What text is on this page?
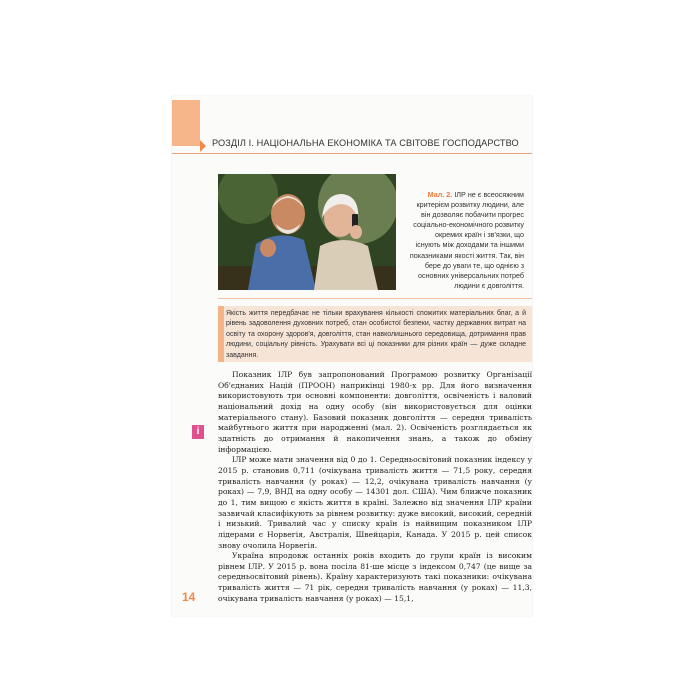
РОЗДІЛ І. НАЦІОНАЛЬНА ЕКОНОМІКА ТА СВІТОВЕ ГОСПОДАРСТВО
Мал. 2. ІЛР не є всеосяжним критерієм розвитку людини, але він дозволяє побачити прогрес соціально-економічного розвитку окремих країн і зв'язки, що існують між доходами та іншими показниками якості життя. Так, він бере до уваги те, що однією з основних універсальних потреб людини є довголіття.
Якість життя передбачає не тільки врахування кількості спожитих матеріальних благ, а й рівень задоволення духовних потреб, стан особистої безпеки, частку державних витрат на освіту та охорону здоров'я, довголіття, стан навколишнього середовища, дотримання прав людини, соціальну рівність. Урахувати всі ці показники для різних країн — дуже складне завдання.
i

Показник ІЛР був запропонований Програмою розвитку Організації Об'єднаних Націй (ПРООН) наприкінці 1980-х рр. Для його визначення використовують три основні компоненти: довголіття, освіченість і валовий національний дохід на одну особу (він використовується для оцінки матеріального стану). Базовий показник довголіття — середня тривалість майбутнього життя при народженні (мал. 2). Освіченість розглядається як здатність до отримання й накопичення знань, а також до обміну інформацією.

ІЛР може мати значення від 0 до 1. Середньосвітовий показник індексу у 2015 р. становив 0,711 (очікувана тривалість життя — 71,5 року, середня тривалість навчання (у роках) — 12,2, очікувана тривалість навчання (у роках) — 7,9, ВНД на одну особу — 14301 дол. США). Чим ближче показник до 1, тим вищою є якість життя в країні. Залежно від значення ІЛР країни зазвичай класифікують за рівнем розвитку: дуже високий, високий, середній і низький. Тривалий час у списку країн із найвищим показником ІЛР лідерами є Норвегія, Австралія, Швейцарія, Канада. У 2015 р. цей список знову очолила Норвегія.

Україна впродовж останніх років входить до групи країн із високим рівнем ІЛР. У 2015 р. вона посіла 81-ше місце з індексом 0,747 (це вище за середньосвітовий рівень). Країну характеризують такі показники: очікувана тривалість життя — 71 рік, середня тривалість навчання (у роках) — 11,3, очікувана тривалість навчання (у роках) — 15,1,

14
